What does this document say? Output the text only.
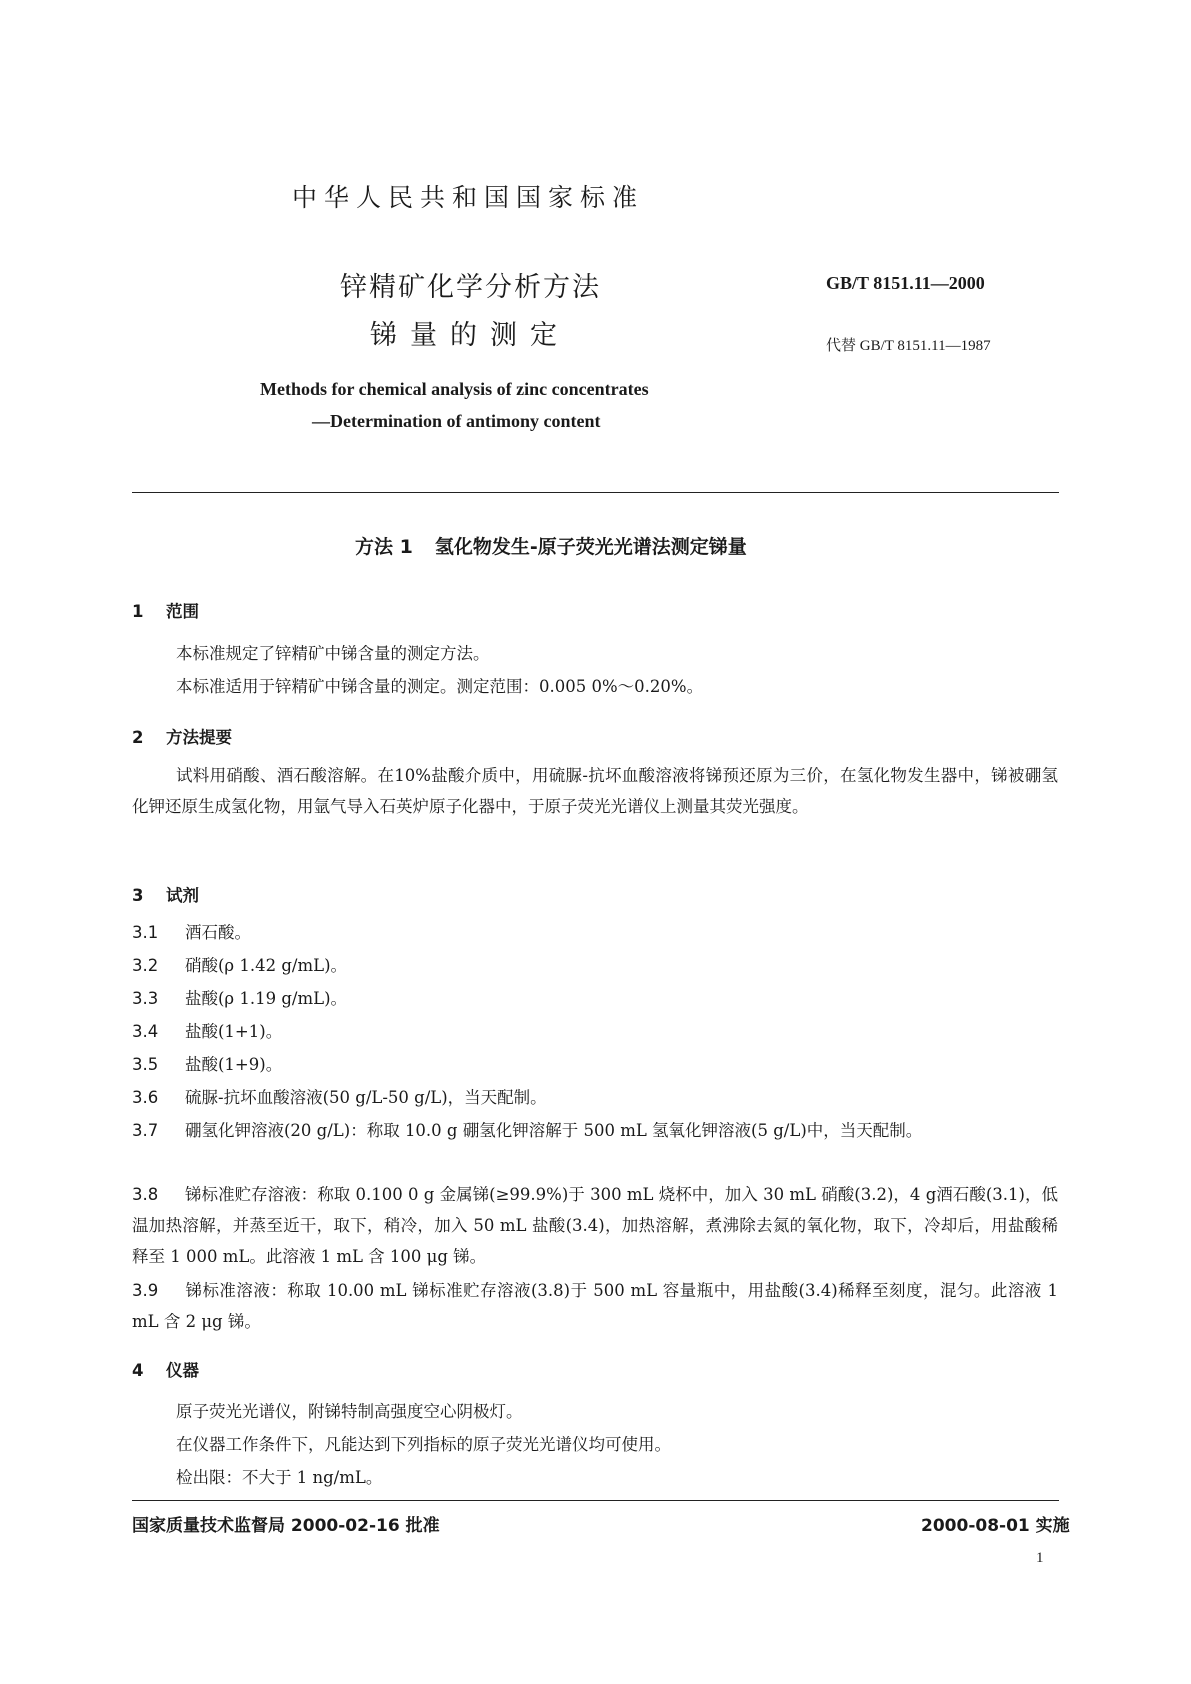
中华人民共和国国家标准
锌精矿化学分析方法
锑量的测定
GB/T 8151.11—2000
代替 GB/T 8151.11—1987
Methods for chemical analysis of zinc concentrates
—Determination of antimony content
方法 1 氢化物发生-原子荧光光谱法测定锑量
1 范围
本标准规定了锌精矿中锑含量的测定方法。
本标准适用于锌精矿中锑含量的测定。测定范围：0.005 0%～0.20%。
2 方法提要
试料用硝酸、酒石酸溶解。在10%盐酸介质中，用硫脲-抗坏血酸溶液将锑预还原为三价，在氢化物发生器中，锑被硼氢化钾还原生成氢化物，用氩气导入石英炉原子化器中，于原子荧光光谱仪上测量其荧光强度。
3 试剂
3.1 酒石酸。
3.2 硝酸(ρ 1.42 g/mL)。
3.3 盐酸(ρ 1.19 g/mL)。
3.4 盐酸(1+1)。
3.5 盐酸(1+9)。
3.6 硫脲-抗坏血酸溶液(50 g/L-50 g/L)，当天配制。
3.7 硼氢化钾溶液(20 g/L)：称取 10.0 g 硼氢化钾溶解于 500 mL 氢氧化钾溶液(5 g/L)中，当天配制。
3.8 锑标准贮存溶液：称取 0.100 0 g 金属锑(≥99.9%)于 300 mL 烧杯中，加入 30 mL 硝酸(3.2)，4 g酒石酸(3.1)，低温加热溶解，并蒸至近干，取下，稍冷，加入 50 mL 盐酸(3.4)，加热溶解，煮沸除去氮的氧化物，取下，冷却后，用盐酸稀释至 1 000 mL。此溶液 1 mL 含 100 μg 锑。
3.9 锑标准溶液：称取 10.00 mL 锑标准贮存溶液(3.8)于 500 mL 容量瓶中，用盐酸(3.4)稀释至刻度，混匀。此溶液 1 mL 含 2 μg 锑。
4 仪器
原子荧光光谱仪，附锑特制高强度空心阴极灯。
在仪器工作条件下，凡能达到下列指标的原子荧光光谱仪均可使用。
检出限：不大于 1 ng/mL。
国家质量技术监督局 2000-02-16 批准	2000-08-01 实施
1
